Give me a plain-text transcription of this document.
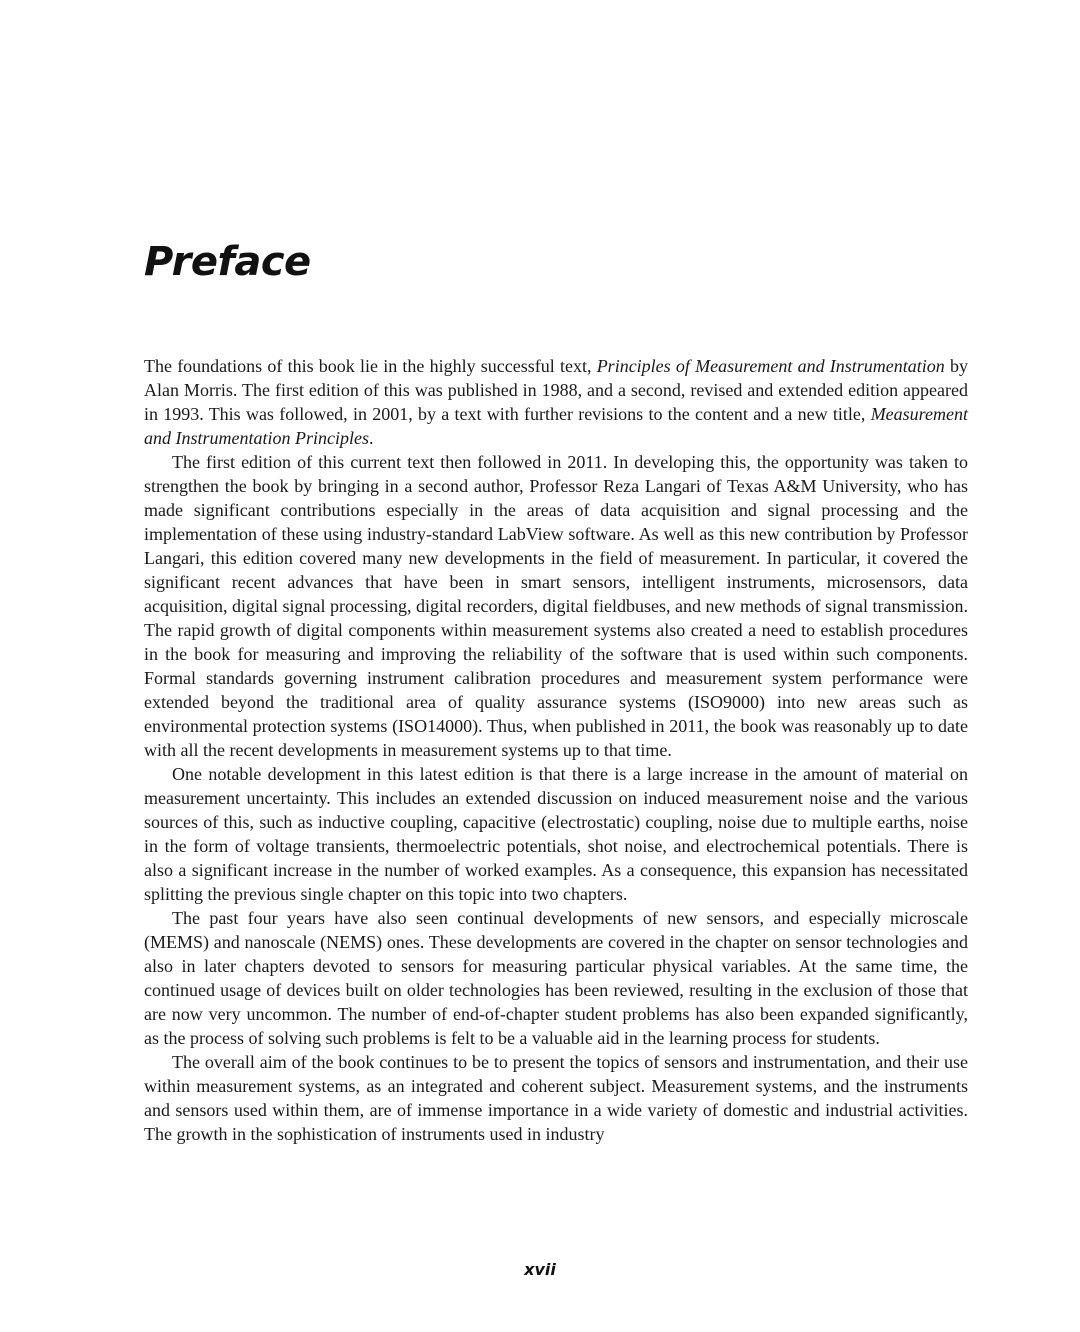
Preface

The foundations of this book lie in the highly successful text, Principles of Measurement and Instrumentation by Alan Morris. The first edition of this was published in 1988, and a second, revised and extended edition appeared in 1993. This was followed, in 2001, by a text with further revisions to the content and a new title, Measurement and Instrumentation Principles.

The first edition of this current text then followed in 2011. In developing this, the opportunity was taken to strengthen the book by bringing in a second author, Professor Reza Langari of Texas A&M University, who has made significant contributions especially in the areas of data acquisition and signal processing and the implementation of these using industry-standard LabView software. As well as this new contribution by Professor Langari, this edition covered many new developments in the field of measurement. In particular, it covered the significant recent advances that have been in smart sensors, intelligent instruments, microsensors, data acquisition, digital signal processing, digital recorders, digital fieldbuses, and new methods of signal transmission. The rapid growth of digital components within measurement systems also created a need to establish procedures in the book for measuring and improving the reliability of the software that is used within such components. Formal standards governing instrument calibration procedures and measurement system performance were extended beyond the traditional area of quality assurance systems (ISO9000) into new areas such as environmental protection systems (ISO14000). Thus, when published in 2011, the book was reasonably up to date with all the recent developments in measurement systems up to that time.

One notable development in this latest edition is that there is a large increase in the amount of material on measurement uncertainty. This includes an extended discussion on induced measurement noise and the various sources of this, such as inductive coupling, capacitive (electrostatic) coupling, noise due to multiple earths, noise in the form of voltage transients, thermoelectric potentials, shot noise, and electrochemical potentials. There is also a significant increase in the number of worked examples. As a consequence, this expansion has necessitated splitting the previous single chapter on this topic into two chapters.

The past four years have also seen continual developments of new sensors, and especially microscale (MEMS) and nanoscale (NEMS) ones. These developments are covered in the chapter on sensor technologies and also in later chapters devoted to sensors for measuring particular physical variables. At the same time, the continued usage of devices built on older technologies has been reviewed, resulting in the exclusion of those that are now very uncommon. The number of end-of-chapter student problems has also been expanded significantly, as the process of solving such problems is felt to be a valuable aid in the learning process for students.

The overall aim of the book continues to be to present the topics of sensors and instrumentation, and their use within measurement systems, as an integrated and coherent subject. Measurement systems, and the instruments and sensors used within them, are of immense importance in a wide variety of domestic and industrial activities. The growth in the sophistication of instruments used in industry

xvii
